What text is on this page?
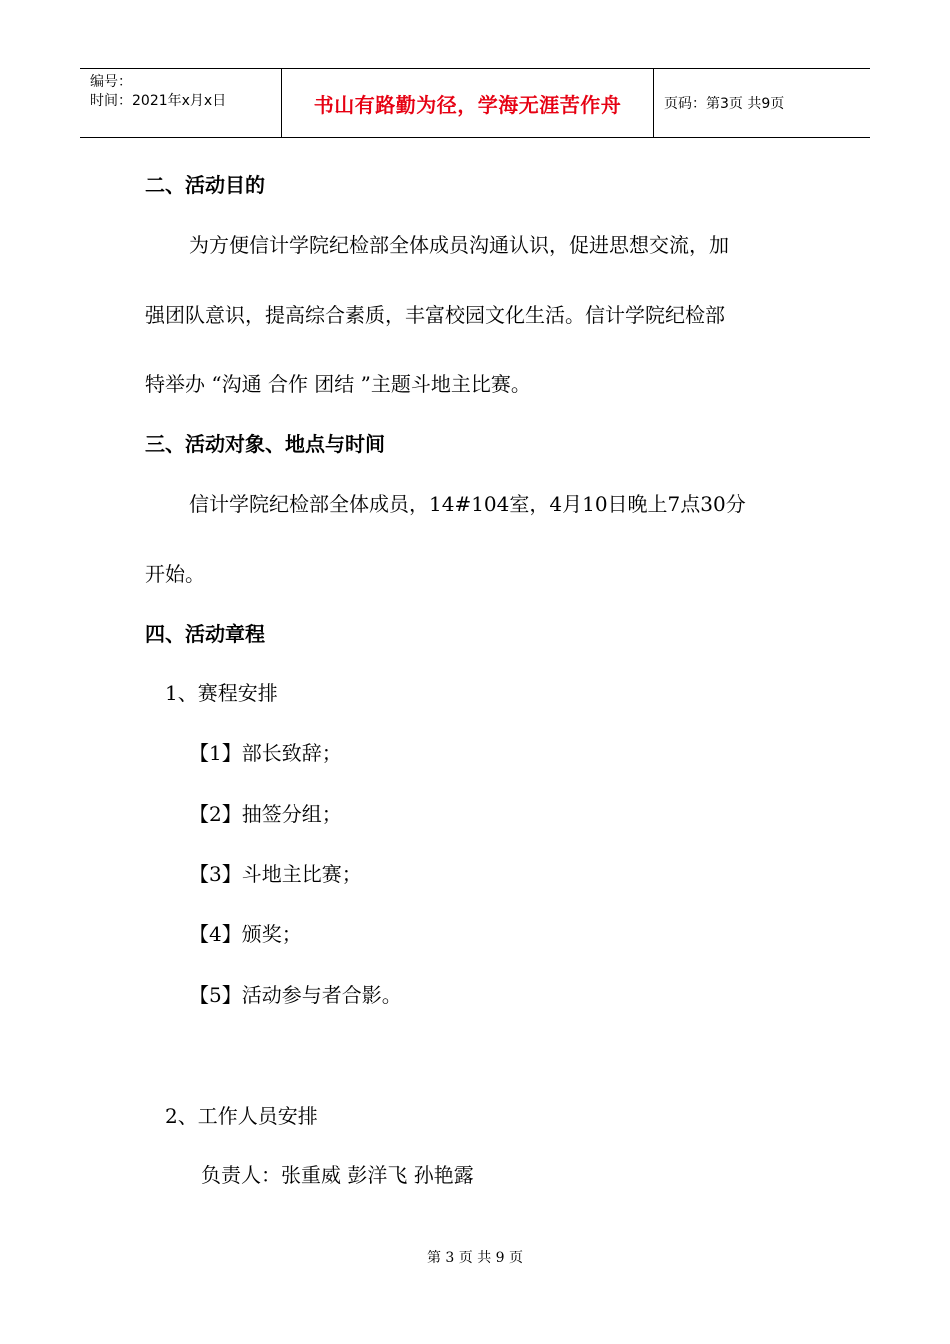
编号：
时间：2021年x月x日	书山有路勤为径，学海无涯苦作舟	页码：第3页 共9页
二、活动目的
为方便信计学院纪检部全体成员沟通认识，促进思想交流，加
强团队意识，提高综合素质，丰富校园文化生活。信计学院纪检部
特举办 “沟通 合作 团结 ”主题斗地主比赛。
三、活动对象、地点与时间
信计学院纪检部全体成员，14#104室，4月10日晚上7点30分
开始。
四、活动章程
1、赛程安排
【1】部长致辞；
【2】抽签分组；
【3】斗地主比赛；
【4】颁奖；
【5】活动参与者合影。
2、工作人员安排
负责人：张重威 彭洋飞 孙艳露
第 3 页 共 9 页
